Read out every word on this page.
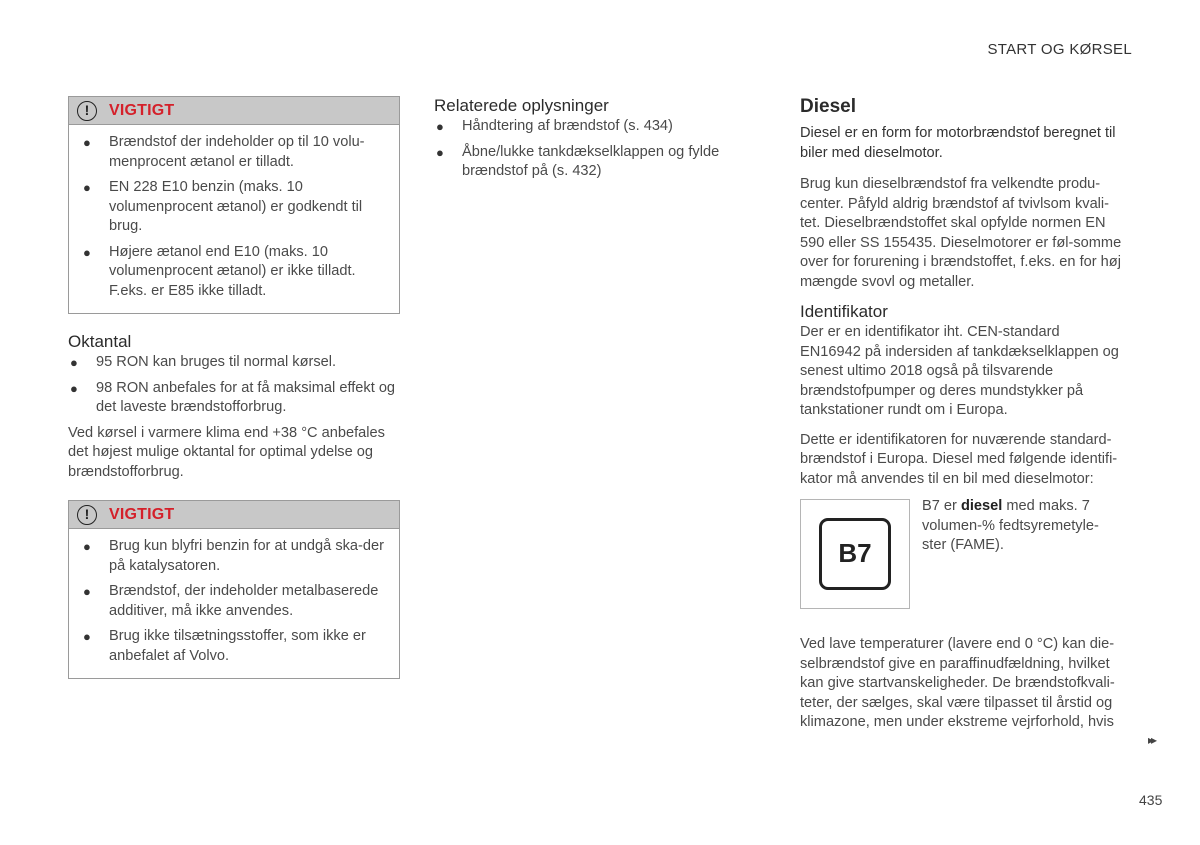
START OG KØRSEL
!	VIGTIGT
● Brændstof der indeholder op til 10 volu-menprocent ætanol er tilladt.
● EN 228 E10 benzin (maks. 10 volumenprocent ætanol) er godkendt til brug.
● Højere ætanol end E10 (maks. 10 volumenprocent ætanol) er ikke tilladt. F.eks. er E85 ikke tilladt.
Oktantal
● 95 RON kan bruges til normal kørsel.
● 98 RON anbefales for at få maksimal effekt og det laveste brændstofforbrug.

Ved kørsel i varmere klima end +38 °C anbefales det højest mulige oktantal for optimal ydelse og brændstofforbrug.

!	VIGTIGT
● Brug kun blyfri benzin for at undgå ska-der på katalysatoren.
● Brændstof, der indeholder metalbaserede additiver, må ikke anvendes.
● Brug ikke tilsætningsstoffer, som ikke er anbefalet af Volvo.
Relaterede oplysninger
● Håndtering af brændstof (s. 434)
● Åbne/lukke tankdækselklappen og fylde brændstof på (s. 432)
Diesel

Diesel er en form for motorbrændstof beregnet til biler med dieselmotor.

Brug kun dieselbrændstof fra velkendte produ-center. Påfyld aldrig brændstof af tvivlsom kvali-tet. Dieselbrændstoffet skal opfylde normen EN 590 eller SS 155435. Dieselmotorer er føl-somme over for forurening i brændstoffet, f.eks. en for høj mængde svovl og metaller.

Identifikator

Der er en identifikator iht. CEN-standard EN16942 på indersiden af tankdækselklappen og senest ultimo 2018 også på tilsvarende brændstofpumper og deres mundstykker på tankstationer rundt om i Europa.

Dette er identifikatoren for nuværende standard-brændstof i Europa. Diesel med følgende identifi-kator må anvendes til en bil med dieselmotor:

B7
B7 er diesel med maks. 7 volumen-% fedtsyremetyle-ster (FAME).

Ved lave temperaturer (lavere end 0 °C) kan die-selbrændstof give en paraffinudfældning, hvilket kan give startvanskeligheder. De brændstofkvali-teter, der sælges, skal være tilpasset til årstid og klimazone, men under ekstreme vejrforhold, hvis

▸▸
435
